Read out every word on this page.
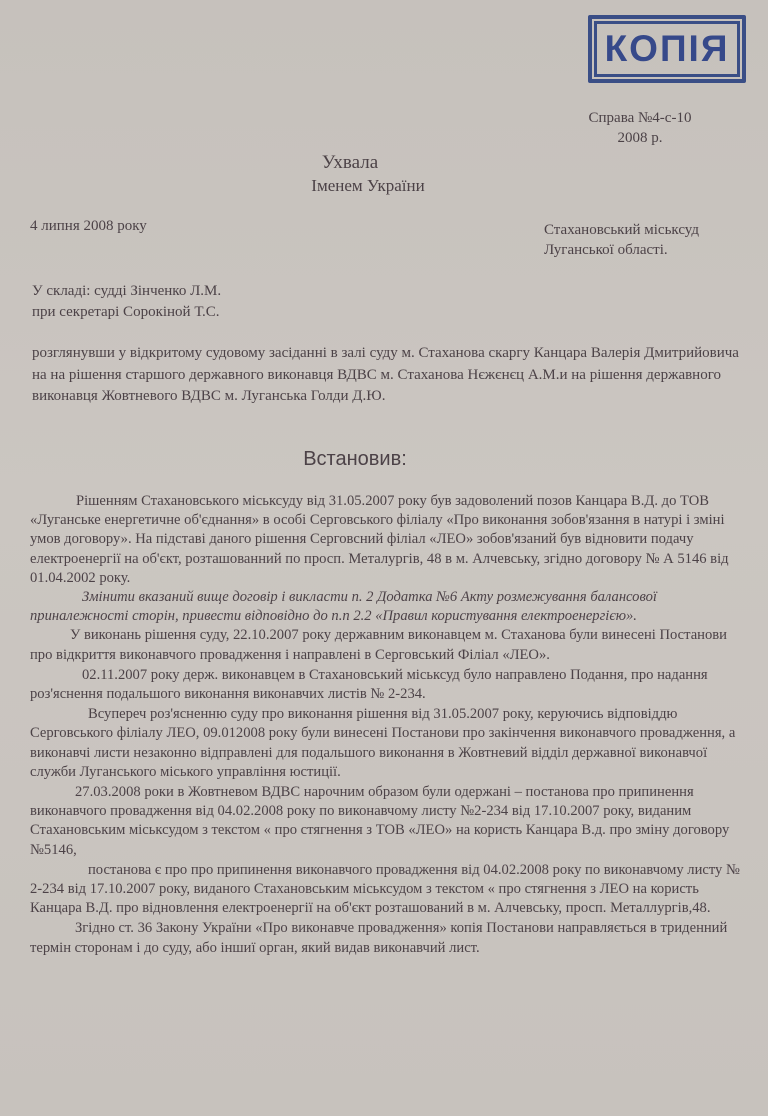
КОПІЯ
Справа №4-с-10
2008 р.
Ухвала
Іменем України
4 липня 2008 року	Стахановський міськсуд
Луганської області.
У складі: судді Зінченко Л.М.
при секретарі Сорокіной Т.С.
розглянувши у відкритому судовому засіданні в залі суду м. Стаханова скаргу Канцара Валерія Дмитрийовича на на рішення старшого державного виконавця ВДВС м. Стаханова Нєжєнєц А.М.и на рішення державного виконавця Жовтневого ВДВС м. Луганська Голди Д.Ю.
Встановив:

Рішенням Стахановського міськсуду від 31.05.2007 року був задоволений позов Канцара В.Д. до ТОВ «Луганське енергетичне об'єднання» в особі Серговського філіалу «Про виконання зобов'язання в натурі і зміні умов договору». На підставі даного рішення Серговсний філіал «ЛЕО» зобов'язаний був відновити подачу електроенергії на об'єкт, розташованний по просп. Металургів, 48 в м. Алчевську, згідно договору № А 5146 від 01.04.2002 року.

Змінити вказаний вище договір і викласти п. 2 Додатка №6 Акту розмежування балансової приналежності сторін, привести відповідно до п.п 2.2 «Правил користування електроенергією».

У виконань рішення суду, 22.10.2007 року державним виконавцем м. Стаханова були винесені Постанови про відкриття виконавчого провадження і направлені в Серговський Філіал «ЛЕО».

02.11.2007 року держ. виконавцем в Стахановський міськсуд було направлено Подання, про надання роз'яснення подальшого виконання виконавчих листів № 2-234.

Всупереч роз'ясненню суду про виконання рішення від 31.05.2007 року, керуючись відповіддю Серговського філіалу ЛЕО, 09.012008 року були винесені Постанови про закінчення виконавчого провадження, а виконавчі листи незаконно відправлені для подальшого виконання в Жовтневий відділ державної виконавчої служби Луганського міського управління юстиції.

27.03.2008 роки в Жовтневом ВДВС нарочним образом були одержані – постанова про припинення виконавчого провадження від 04.02.2008 року по виконавчому листу №2-234 від 17.10.2007 року, виданим Стахановським міськсудом з текстом « про стягнення з ТОВ «ЛЕО» на користь Канцара В.д. про зміну договору №5146,

постанова є про про припинення виконавчого провадження від 04.02.2008 року по виконавчому листу № 2-234 від 17.10.2007 року, виданого Стахановським міськсудом з текстом « про стягнення з ЛЕО на користь Канцара В.Д. про відновлення електроенергії на об'єкт розташований в м. Алчевську, просп. Металлургів,48.

Згідно ст. 36 Закону України «Про виконавче провадження» копія Постанови направляється в триденний термін сторонам і до суду, або іншиї орган, який видав виконавчий лист.
